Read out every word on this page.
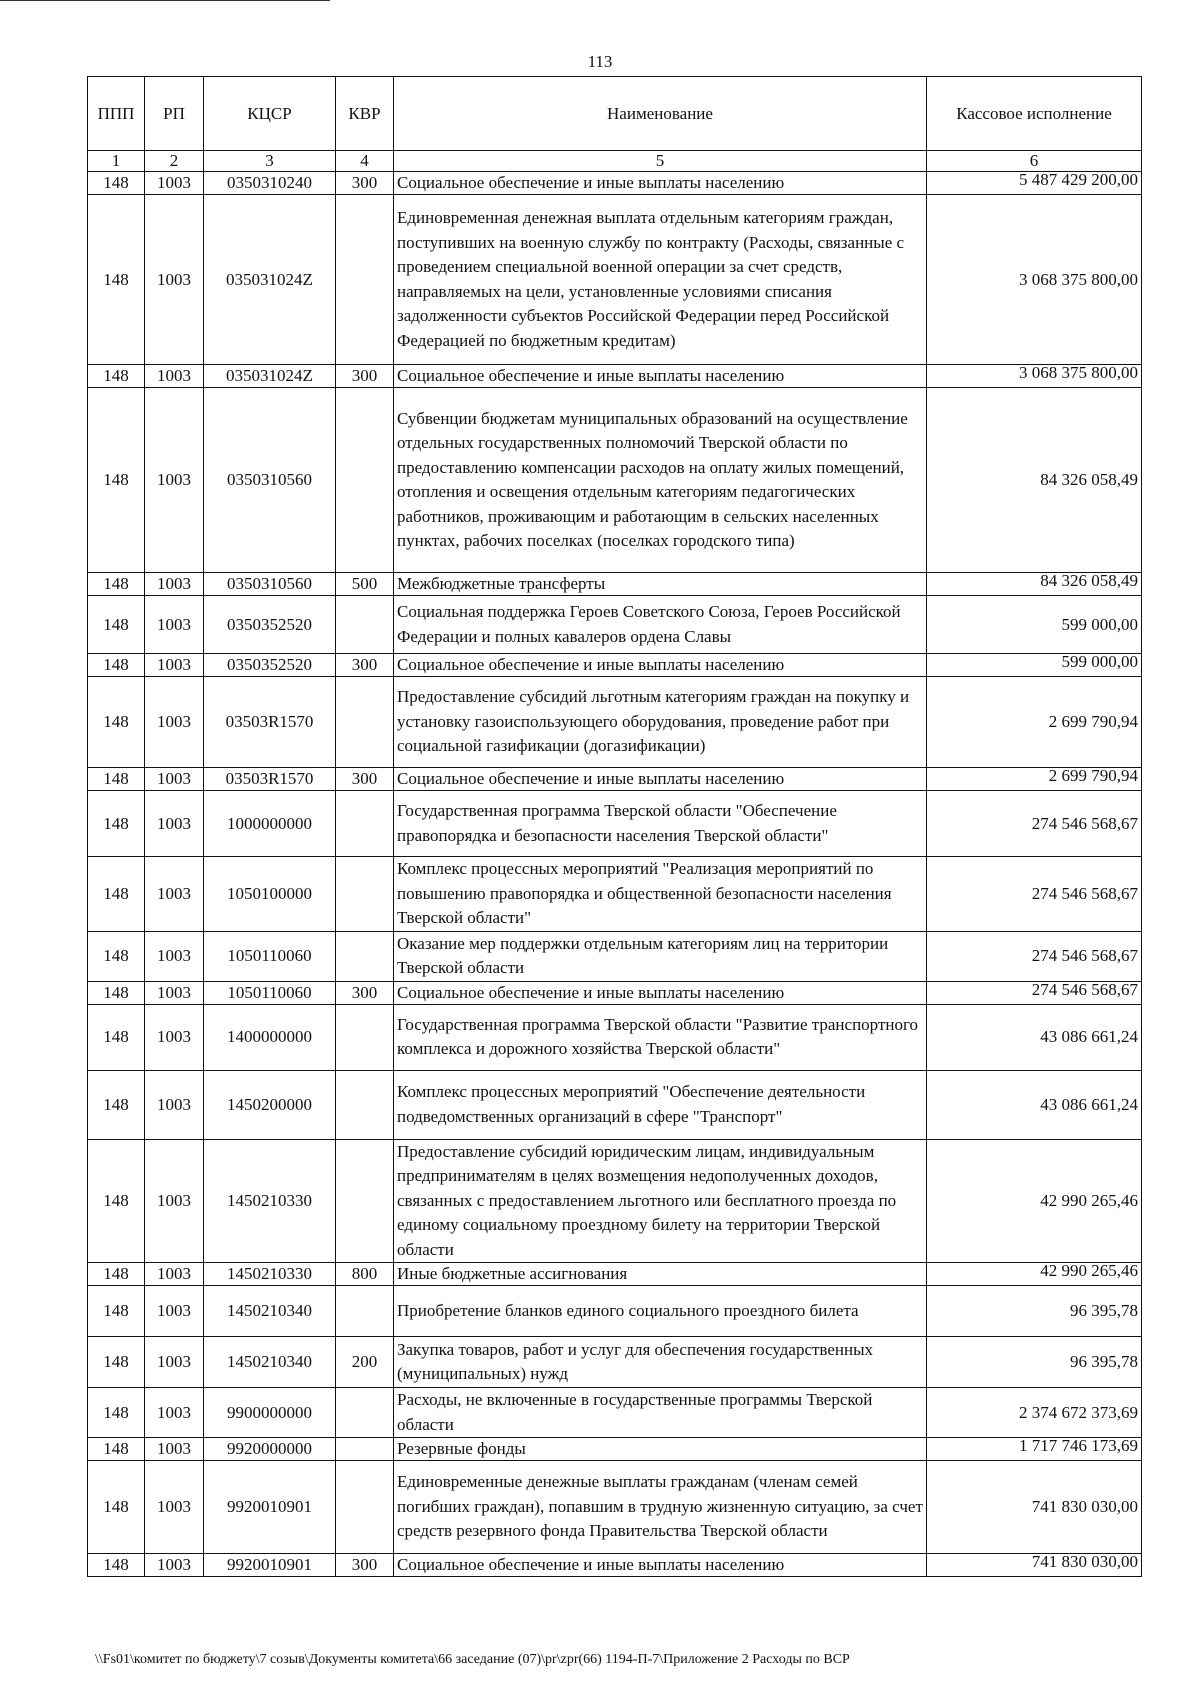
113
ППП	РП	КЦСР	КВР	Наименование	Кассовое исполнение
1	2	3	4	5	6
148	1003	0350310240	300	Социальное обеспечение и иные выплаты населению	5 487 429 200,00
148	1003	035031024Z		Единовременная денежная выплата отдельным категориям граждан, поступивших на военную службу по контракту (Расходы, связанные с проведением специальной военной операции за счет средств, направляемых на цели, установленные условиями списания задолженности субъектов Российской Федерации перед Российской Федерацией по бюджетным кредитам)	3 068 375 800,00
148	1003	035031024Z	300	Социальное обеспечение и иные выплаты населению	3 068 375 800,00
148	1003	0350310560		Субвенции бюджетам муниципальных образований на осуществление отдельных государственных полномочий Тверской области по предоставлению компенсации расходов на оплату жилых помещений, отопления и освещения отдельным категориям педагогических работников, проживающим и работающим в сельских населенных пунктах, рабочих поселках (поселках городского типа)	84 326 058,49
148	1003	0350310560	500	Межбюджетные трансферты	84 326 058,49
148	1003	0350352520		Социальная поддержка Героев Советского Союза, Героев Российской Федерации и полных кавалеров ордена Славы	599 000,00
148	1003	0350352520	300	Социальное обеспечение и иные выплаты населению	599 000,00
148	1003	03503R1570		Предоставление субсидий льготным категориям граждан на покупку и установку газоиспользующего оборудования, проведение работ при социальной газификации (догазификации)	2 699 790,94
148	1003	03503R1570	300	Социальное обеспечение и иные выплаты населению	2 699 790,94
148	1003	1000000000		Государственная программа Тверской области "Обеспечение правопорядка и безопасности населения Тверской области"	274 546 568,67
148	1003	1050100000		Комплекс процессных мероприятий "Реализация мероприятий по повышению правопорядка и общественной безопасности населения Тверской области"	274 546 568,67
148	1003	1050110060		Оказание мер поддержки отдельным категориям лиц на территории Тверской области	274 546 568,67
148	1003	1050110060	300	Социальное обеспечение и иные выплаты населению	274 546 568,67
148	1003	1400000000		Государственная программа Тверской области "Развитие транспортного комплекса и дорожного хозяйства Тверской области"	43 086 661,24
148	1003	1450200000		Комплекс процессных мероприятий "Обеспечение деятельности подведомственных организаций в сфере "Транспорт"	43 086 661,24
148	1003	1450210330		Предоставление субсидий юридическим лицам, индивидуальным предпринимателям в целях возмещения недополученных доходов, связанных с предоставлением льготного или бесплатного проезда по единому социальному проездному билету на территории Тверской области	42 990 265,46
148	1003	1450210330	800	Иные бюджетные ассигнования	42 990 265,46
148	1003	1450210340		Приобретение бланков единого социального проездного билета	96 395,78
148	1003	1450210340	200	Закупка товаров, работ и услуг для обеспечения государственных (муниципальных) нужд	96 395,78
148	1003	9900000000		Расходы, не включенные в государственные программы Тверской области	2 374 672 373,69
148	1003	9920000000		Резервные фонды	1 717 746 173,69
148	1003	9920010901		Единовременные денежные выплаты гражданам (членам семей погибших граждан), попавшим в трудную жизненную ситуацию, за счет средств резервного фонда Правительства Тверской области	741 830 030,00
148	1003	9920010901	300	Социальное обеспечение и иные выплаты населению	741 830 030,00
\\Fs01\комитет по бюджету\7 созыв\Документы комитета\66 заседание (07)\pr\zpr(66) 1194-П-7\Приложение 2 Расходы по ВСР
